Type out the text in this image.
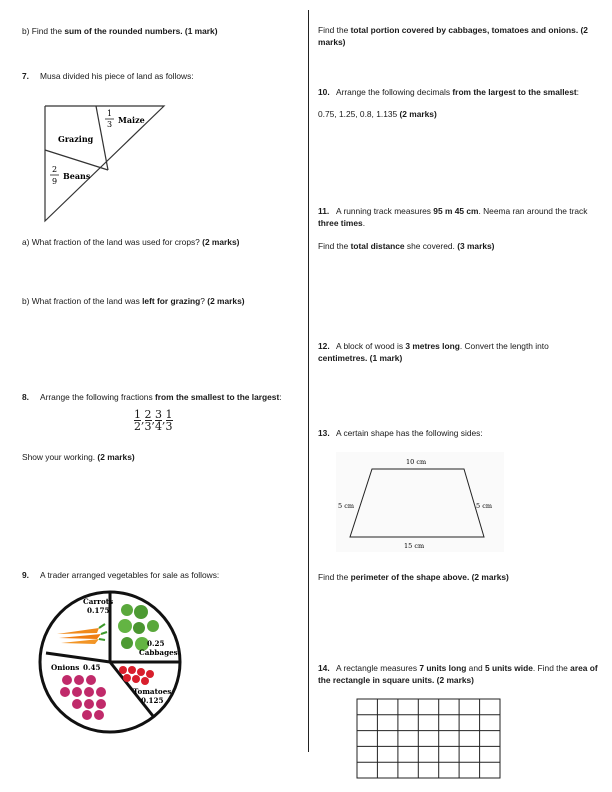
b) Find the sum of the rounded numbers. (1 mark)
7. Musa divided his piece of land as follows:
Grazing
1
3 Maize
2
9
Beans
a) What fraction of the land was used for crops? (2 marks)
b) What fraction of the land was left for grazing? (2 marks)
8. Arrange the following fractions from the smallest to the largest:
$\frac{1}{2}$ , $\frac{2}{3}$ , $\frac{3}{4}$ , $\frac{1}{3}$
Show your working. (2 marks)
9. A trader arranged vegetables for sale as follows:
Carrots
0.175
0.25
Cabbages
Onions 0.45
Tomatoes
0.125
Find the total portion covered by cabbages, tomatoes and onions. (2 marks)
10. Arrange the following decimals from the largest to the smallest:
0.75, 1.25, 0.8, 1.135 (2 marks)
11. A running track measures 95 m 45 cm. Neema ran around the track three times.
Find the total distance she covered. (3 marks)
12. A block of wood is 3 metres long. Convert the length into centimetres. (1 mark)
13. A certain shape has the following sides:
10 cm
5 cm	5 cm
15 cm
Find the perimeter of the shape above. (2 marks)
14. A rectangle measures 7 units long and 5 units wide. Find the area of the rectangle in square units. (2 marks)
